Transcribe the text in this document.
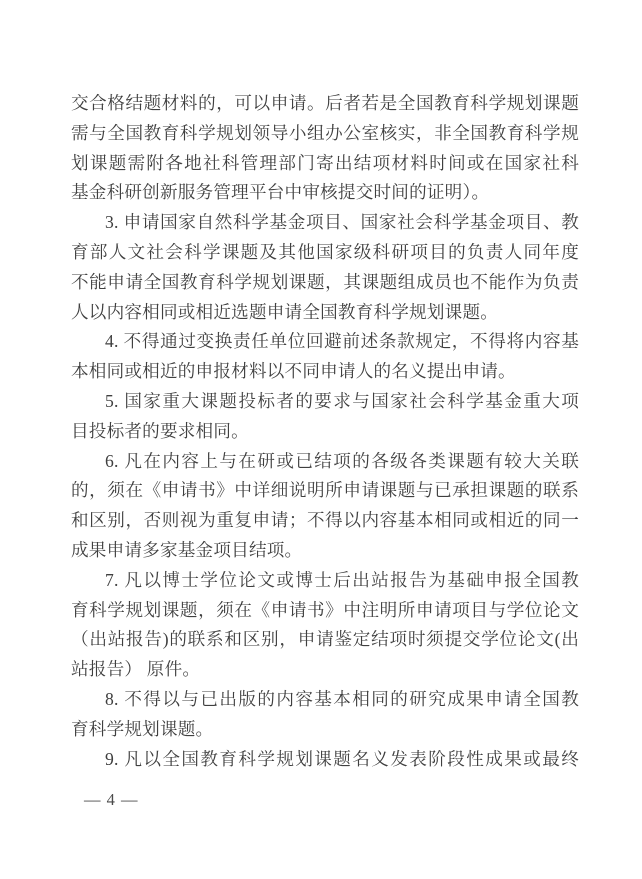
交合格结题材料的，可以申请。后者若是全国教育科学规划课题
需与全国教育科学规划领导小组办公室核实，非全国教育科学规
划课题需附各地社科管理部门寄出结项材料时间或在国家社科
基金科研创新服务管理平台中审核提交时间的证明）。
3. 申请国家自然科学基金项目、国家社会科学基金项目、教
育部人文社会科学课题及其他国家级科研项目的负责人同年度
不能申请全国教育科学规划课题，其课题组成员也不能作为负责
人以内容相同或相近选题申请全国教育科学规划课题。
4. 不得通过变换责任单位回避前述条款规定，不得将内容基
本相同或相近的申报材料以不同申请人的名义提出申请。
5. 国家重大课题投标者的要求与国家社会科学基金重大项
目投标者的要求相同。
6. 凡在内容上与在研或已结项的各级各类课题有较大关联
的，须在《申请书》中详细说明所申请课题与已承担课题的联系
和区别，否则视为重复申请；不得以内容基本相同或相近的同一
成果申请多家基金项目结项。
7. 凡以博士学位论文或博士后出站报告为基础申报全国教
育科学规划课题，须在《申请书》中注明所申请项目与学位论文
（出站报告)的联系和区别，申请鉴定结项时须提交学位论文(出
站报告） 原件。
8. 不得以与已出版的内容基本相同的研究成果申请全国教
育科学规划课题。
9. 凡以全国教育科学规划课题名义发表阶段性成果或最终
— 4 —
